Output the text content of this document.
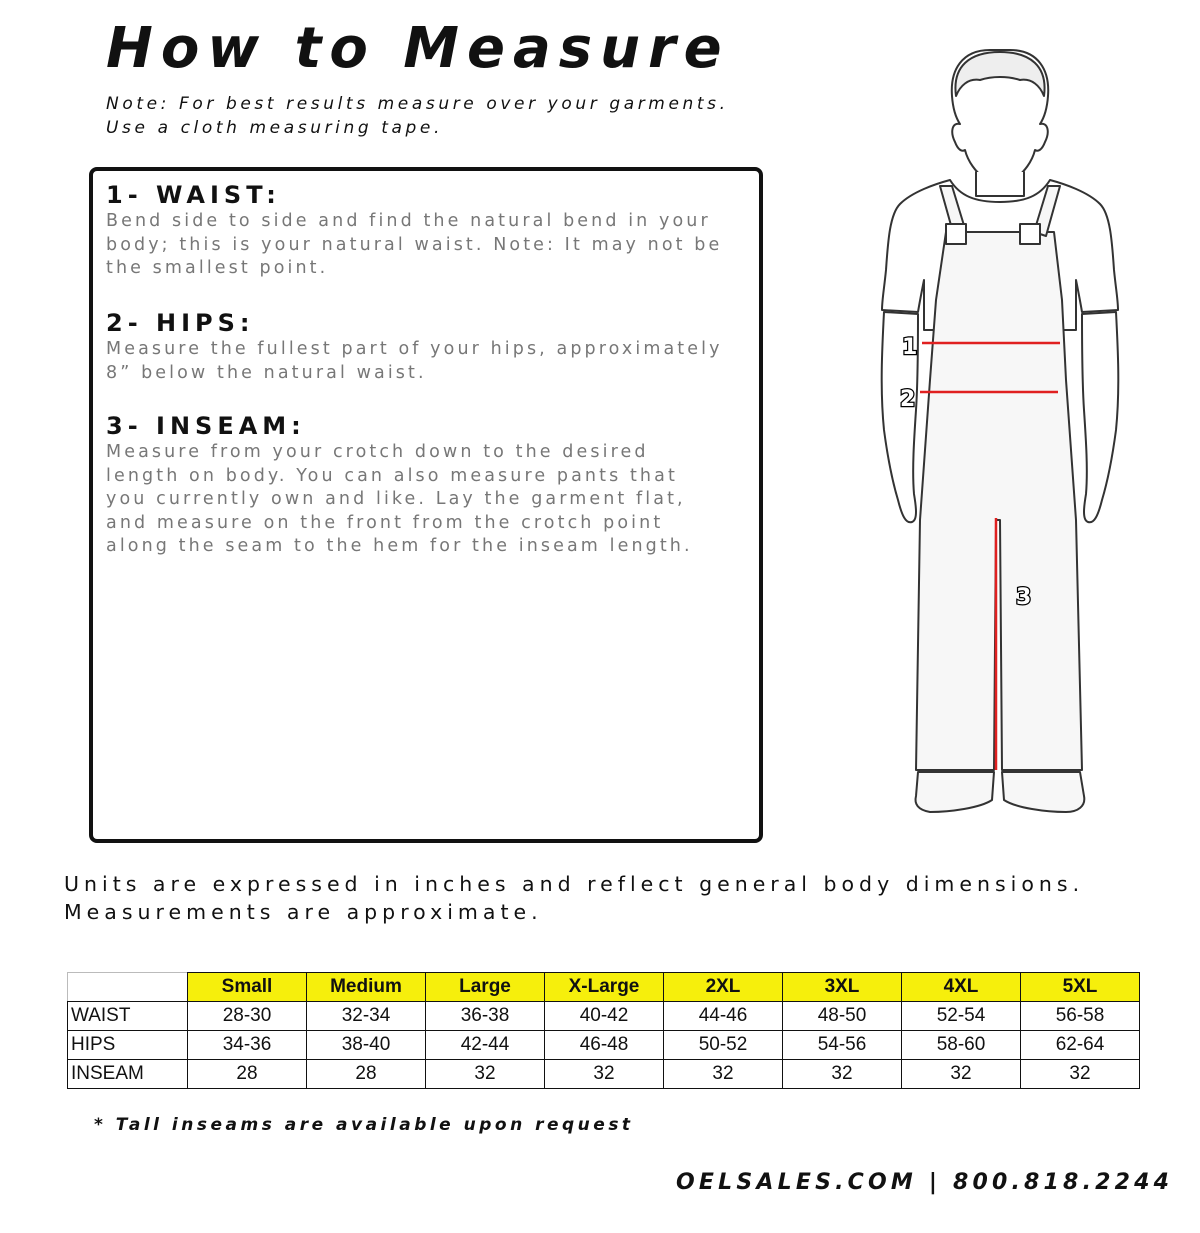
How to Measure
Note: For best results measure over your garments.
Use a cloth measuring tape.
1- WAIST:
Bend side to side and find the natural bend in your
body; this is your natural waist. Note: It may not be
the smallest point.
2- HIPS:
Measure the fullest part of your hips, approximately
8” below the natural waist.
3- INSEAM:
Measure from your crotch down to the desired
length on body. You can also measure pants that
you currently own and like. Lay the garment flat,
and measure on the front from the crotch point
along the seam to the hem for the inseam length.
1
2
3
Units are expressed in inches and reflect general body dimensions.
Measurements are approximate.
	Small	Medium	Large	X-Large	2XL	3XL	4XL	5XL
WAIST	28-30	32-34	36-38	40-42	44-46	48-50	52-54	56-58
HIPS	34-36	38-40	42-44	46-48	50-52	54-56	58-60	62-64
INSEAM	28	28	32	32	32	32	32	32
* Tall inseams are available upon request
OELSALES.COM | 800.818.2244
